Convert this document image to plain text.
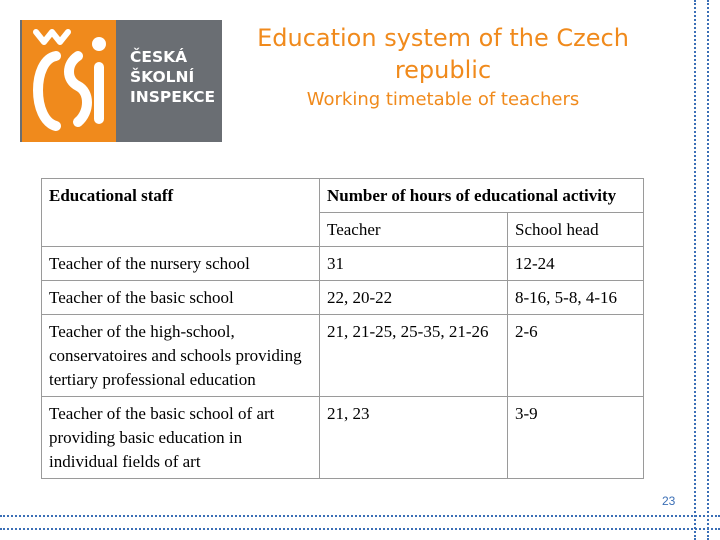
ČESKÁ
ŠKOLNÍ
INSPEKCE
Education system of the Czech republic
Working timetable of teachers
Educational staff	Number of hours of educational activity	
	Teacher	School head
Teacher of the nursery school	31	12-24
Teacher of the basic school	22, 20-22	8-16, 5-8, 4-16
Teacher of the high-school, conservatoires and schools providing tertiary professional education	21, 21-25, 25-35, 21-26	2-6
Teacher of the basic school of art providing basic education in individual fields of art	21, 23	3-9
23
